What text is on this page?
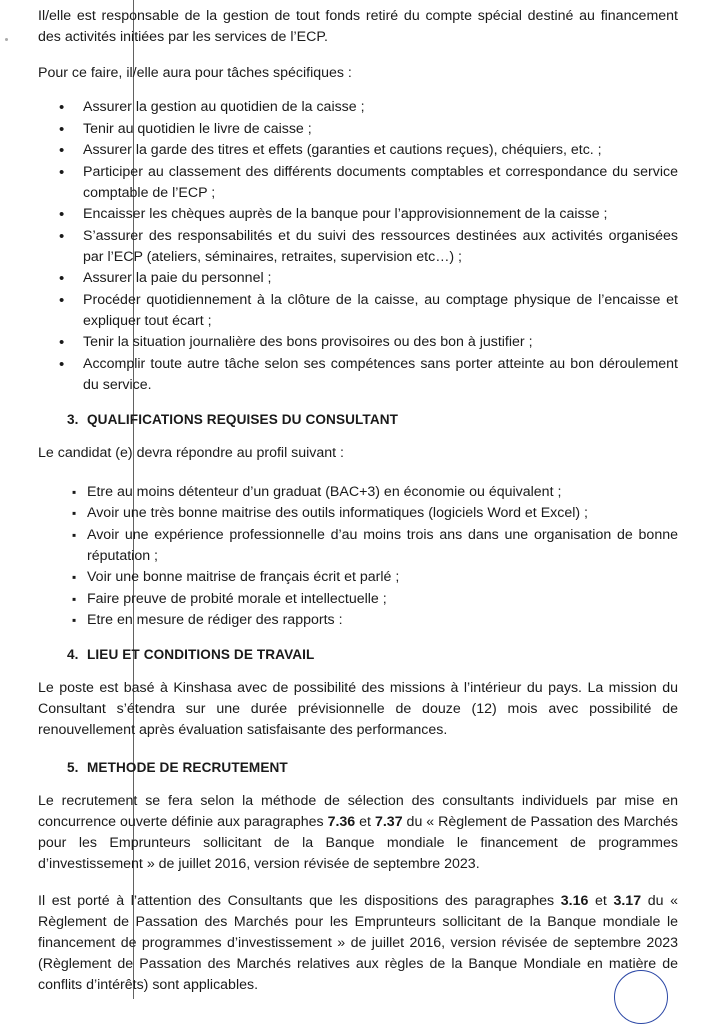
Il/elle est responsable de la gestion de tout fonds retiré du compte spécial destiné au financement

des activités initiées par les services de l’ECP.

Pour ce faire, il/elle aura pour tâches spécifiques :

• Assurer la gestion au quotidien de la caisse ;
• Tenir au quotidien le livre de caisse ;
• Assurer la garde des titres et effets (garanties et cautions reçues), chéquiers, etc. ;
• Participer au classement des différents documents comptables et correspondance du service comptable de l’ECP ;
• Encaisser les chèques auprès de la banque pour l’approvisionnement de la caisse ;
• S’assurer des responsabilités et du suivi des ressources destinées aux activités organisées par l’ECP (ateliers, séminaires, retraites, supervision etc…) ;
• Assurer la paie du personnel ;
• Procéder quotidiennement à la clôture de la caisse, au comptage physique de l’encaisse et expliquer tout écart ;
• Tenir la situation journalière des bons provisoires ou des bon à justifier ;
• Accomplir toute autre tâche selon ses compétences sans porter atteinte au bon déroulement du service.
3. QUALIFICATIONS REQUISES DU CONSULTANT

Le candidat (e) devra répondre au profil suivant :

▪ Etre au moins détenteur d’un graduat (BAC+3) en économie ou équivalent ;
▪ Avoir une très bonne maitrise des outils informatiques (logiciels Word et Excel) ;
▪ Avoir une expérience professionnelle d’au moins trois ans dans une organisation de bonne réputation ;
▪ Voir une bonne maitrise de français écrit et parlé ;
▪ Faire preuve de probité morale et intellectuelle ;
▪ Etre en mesure de rédiger des rapports :
4. LIEU ET CONDITIONS DE TRAVAIL

Le poste est basé à Kinshasa avec de possibilité des missions à l’intérieur du pays. La mission du Consultant s’étendra sur une durée prévisionnelle de douze (12) mois avec possibilité de renouvellement après évaluation satisfaisante des performances.

5. METHODE DE RECRUTEMENT

Le recrutement se fera selon la méthode de sélection des consultants individuels par mise en concurrence ouverte définie aux paragraphes 7.36 et 7.37 du « Règlement de Passation des Marchés pour les Emprunteurs sollicitant de la Banque mondiale le financement de programmes d’investissement » de juillet 2016, version révisée de septembre 2023.

Il est porté à l’attention des Consultants que les dispositions des paragraphes 3.16 et 3.17 du « Règlement de Passation des Marchés pour les Emprunteurs sollicitant de la Banque mondiale le financement de programmes d’investissement » de juillet 2016, version révisée de septembre 2023 (Règlement de Passation des Marchés relatives aux règles de la Banque Mondiale en matière de conflits d’intérêts) sont applicables.
